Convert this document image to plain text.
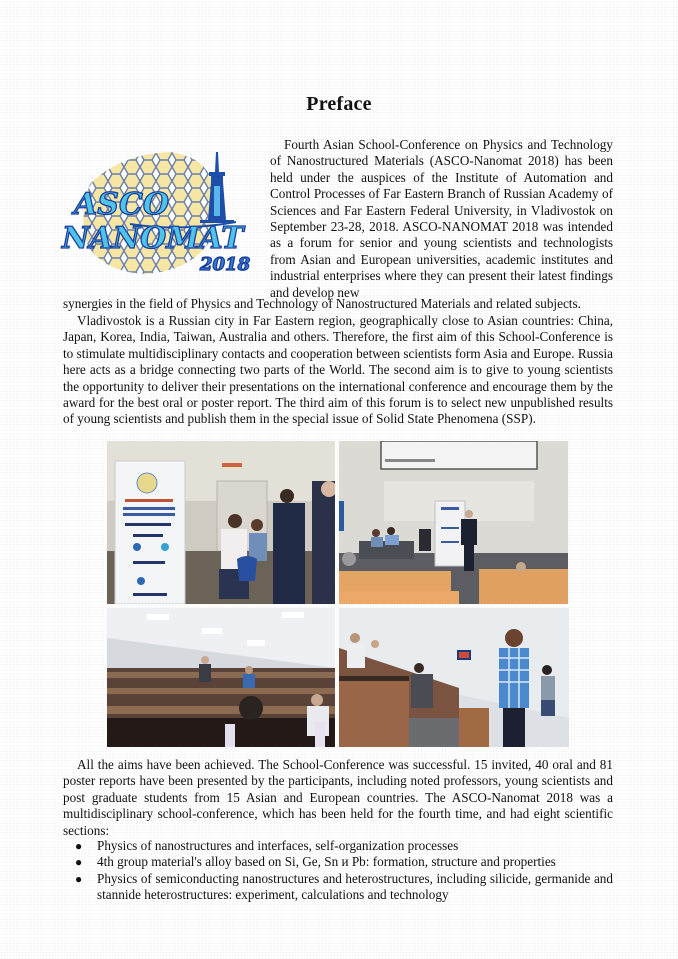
Preface
ASCO
NANOMAT
2018

Fourth Asian School-Conference on Physics and Technology of Nanostructured Materials (ASCO-Nanomat 2018) has been held under the auspices of the Institute of Automation and Control Processes of Far Eastern Branch of Russian Academy of Sciences and Far Eastern Federal University, in Vladivostok on September 23-28, 2018. ASCO-NANOMAT 2018 was intended as a forum for senior and young scientists and technologists from Asian and European universities, academic institutes and industrial enterprises where they can present their latest findings and develop new

synergies in the field of Physics and Technology of Nanostructured Materials and related subjects.

Vladivostok is a Russian city in Far Eastern region, geographically close to Asian countries: China, Japan, Korea, India, Taiwan, Australia and others. Therefore, the first aim of this School-Conference is to stimulate multidisciplinary contacts and cooperation between scientists form Asia and Europe. Russia here acts as a bridge connecting two parts of the World. The second aim is to give to young scientists the opportunity to deliver their presentations on the international conference and encourage them by the award for the best oral or poster report. The third aim of this forum is to select new unpublished results of young scientists and publish them in the special issue of Solid State Phenomena (SSP).

All the aims have been achieved. The School-Conference was successful. 15 invited, 40 oral and 81 poster reports have been presented by the participants, including noted professors, young scientists and post graduate students from 15 Asian and European countries. The ASCO-Nanomat 2018 was a multidisciplinary school-conference, which has been held for the fourth time, and had eight scientific sections:

● Physics of nanostructures and interfaces, self-organization processes
● 4th group material's alloy based on Si, Ge, Sn и Pb: formation, structure and properties
● Physics of semiconducting nanostructures and heterostructures, including silicide, germanide and stannide heterostructures: experiment, calculations and technology
